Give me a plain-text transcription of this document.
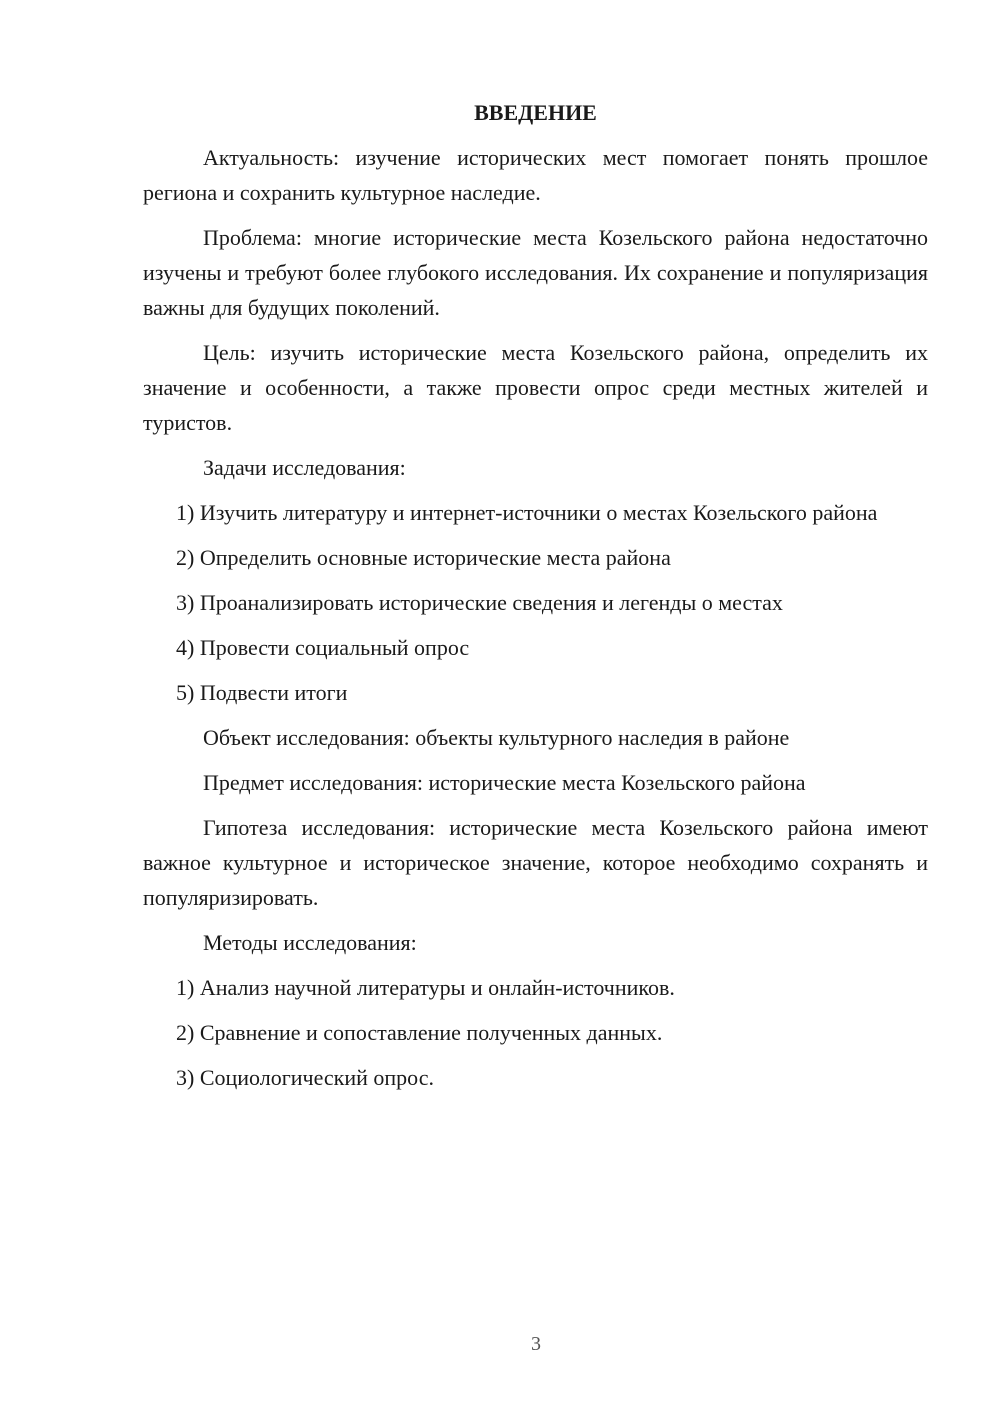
ВВЕДЕНИЕ

Актуальность: изучение исторических мест помогает понять прошлое региона и сохранить культурное наследие.

Проблема: многие исторические места Козельского района недостаточно изучены и требуют более глубокого исследования. Их сохранение и популяризация важны для будущих поколений.

Цель: изучить исторические места Козельского района, определить их значение и особенности, а также провести опрос среди местных жителей и туристов.

Задачи исследования:

1) Изучить литературу и интернет-источники о местах Козельского района

2) Определить основные исторические места района

3) Проанализировать исторические сведения и легенды о местах

4) Провести социальный опрос

5) Подвести итоги

Объект исследования: объекты культурного наследия в районе

Предмет исследования: исторические места Козельского района

Гипотеза исследования: исторические места Козельского района имеют важное культурное и историческое значение, которое необходимо сохранять и популяризировать.

Методы исследования:

1) Анализ научной литературы и онлайн-источников.

2) Сравнение и сопоставление полученных данных.

3) Социологический опрос.

3
